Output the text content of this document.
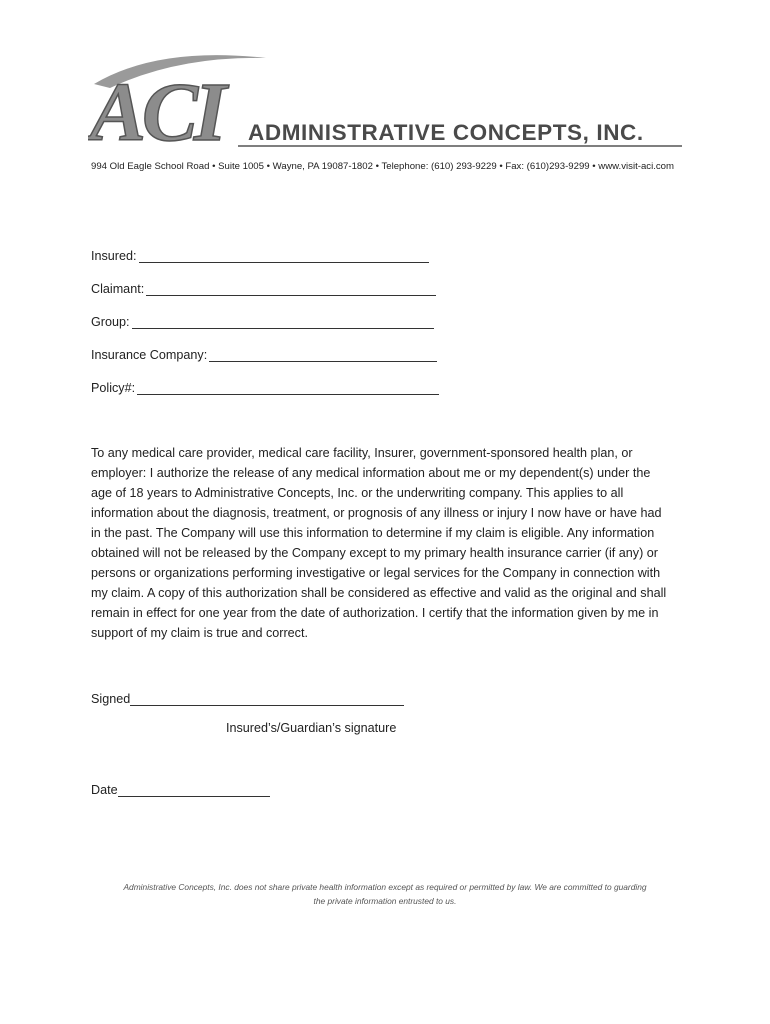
ACI	ADMINISTRATIVE CONCEPTS, INC.
994 Old Eagle School Road • Suite 1005 • Wayne, PA 19087-1802 • Telephone: (610) 293-9229 • Fax: (610)293-9299 • www.visit-aci.com
Insured:
Claimant:
Group:
Insurance Company:
Policy#:
To any medical care provider, medical care facility, Insurer, government-sponsored health plan, or
employer: I authorize the release of any medical information about me or my dependent(s) under the
age of 18 years to Administrative Concepts, Inc. or the underwriting company. This applies to all
information about the diagnosis, treatment, or prognosis of any illness or injury I now have or have had
in the past. The Company will use this information to determine if my claim is eligible. Any information
obtained will not be released by the Company except to my primary health insurance carrier (if any) or
persons or organizations performing investigative or legal services for the Company in connection with
my claim. A copy of this authorization shall be considered as effective and valid as the original and shall
remain in effect for one year from the date of authorization. I certify that the information given by me in
support of my claim is true and correct.
Signed
Insured’s/Guardian’s signature
Date
Administrative Concepts, Inc. does not share private health information except as required or permitted by law. We are committed to guarding
the private information entrusted to us.
